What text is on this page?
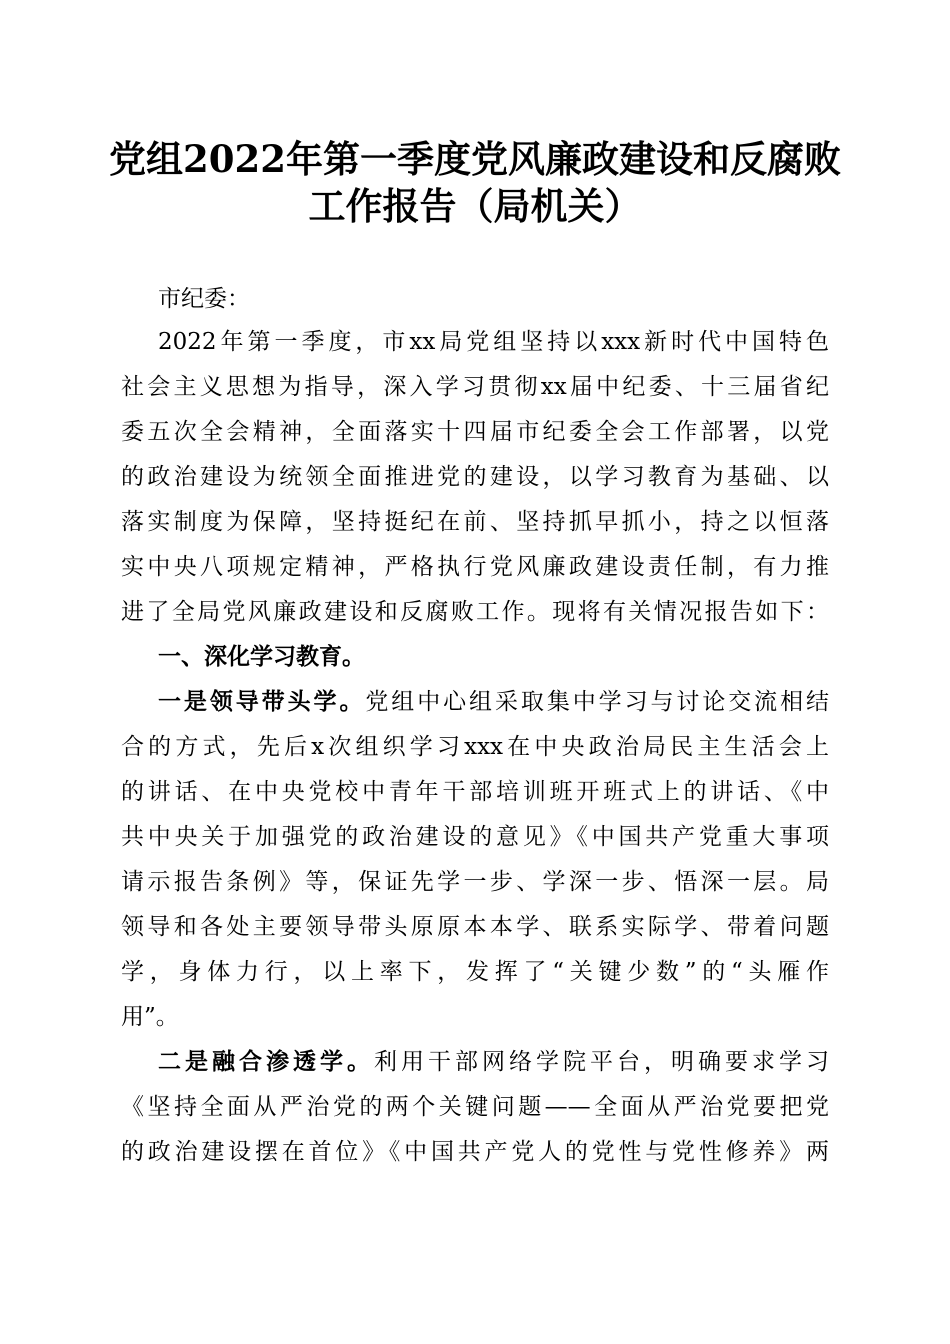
党组2022年第一季度党风廉政建设和反腐败
工作报告（局机关）
市纪委：
2022年第一季度，市xx局党组坚持以xxx新时代中国特色
社会主义思想为指导，深入学习贯彻xx届中纪委、十三届省纪
委五次全会精神，全面落实十四届市纪委全会工作部署，以党
的政治建设为统领全面推进党的建设，以学习教育为基础、以
落实制度为保障，坚持挺纪在前、坚持抓早抓小，持之以恒落
实中央八项规定精神，严格执行党风廉政建设责任制，有力推
进了全局党风廉政建设和反腐败工作。现将有关情况报告如下：
一、深化学习教育。
一是领导带头学。党组中心组采取集中学习与讨论交流相结
合的方式，先后x次组织学习xxx在中央政治局民主生活会上
的讲话、在中央党校中青年干部培训班开班式上的讲话、《中
共中央关于加强党的政治建设的意见》《中国共产党重大事项
请示报告条例》等，保证先学一步、学深一步、悟深一层。局
领导和各处主要领导带头原原本本学、联系实际学、带着问题
学，身体力行，以上率下，发挥了“关键少数”的“头雁作
用”。
二是融合渗透学。利用干部网络学院平台，明确要求学习
《坚持全面从严治党的两个关键问题——全面从严治党要把党
的政治建设摆在首位》《中国共产党人的党性与党性修养》两
